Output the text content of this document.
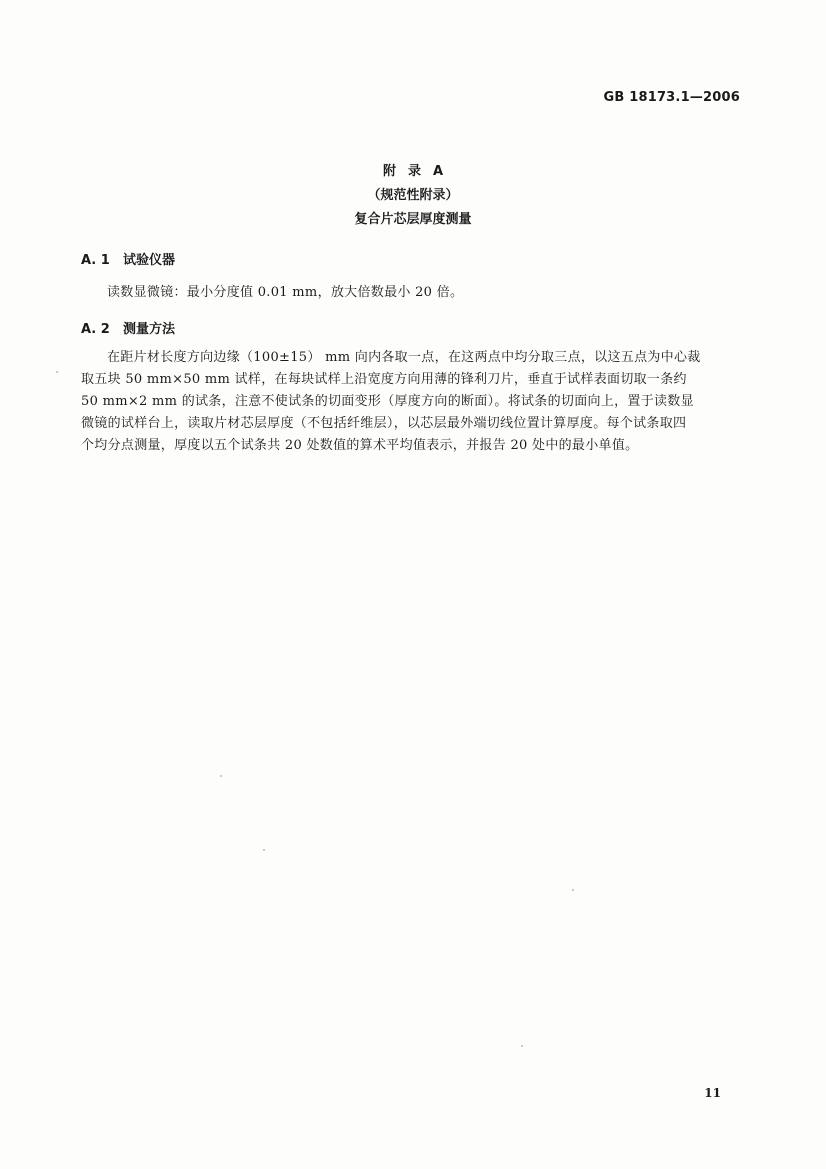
GB 18173.1—2006
附录A
（规范性附录）
复合片芯层厚度测量
A. 1 试验仪器
读数显微镜：最小分度值 0.01 mm，放大倍数最小 20 倍。
A. 2 测量方法
在距片材长度方向边缘（100±15） mm 向内各取一点，在这两点中均分取三点，以这五点为中心裁
取五块 50 mm×50 mm 试样，在每块试样上沿宽度方向用薄的锋利刀片，垂直于试样表面切取一条约
50 mm×2 mm 的试条，注意不使试条的切面变形（厚度方向的断面）。将试条的切面向上，置于读数显
微镜的试样台上，读取片材芯层厚度（不包括纤维层），以芯层最外端切线位置计算厚度。每个试条取四
个均分点测量，厚度以五个试条共 20 处数值的算术平均值表示，并报告 20 处中的最小单值。
11
